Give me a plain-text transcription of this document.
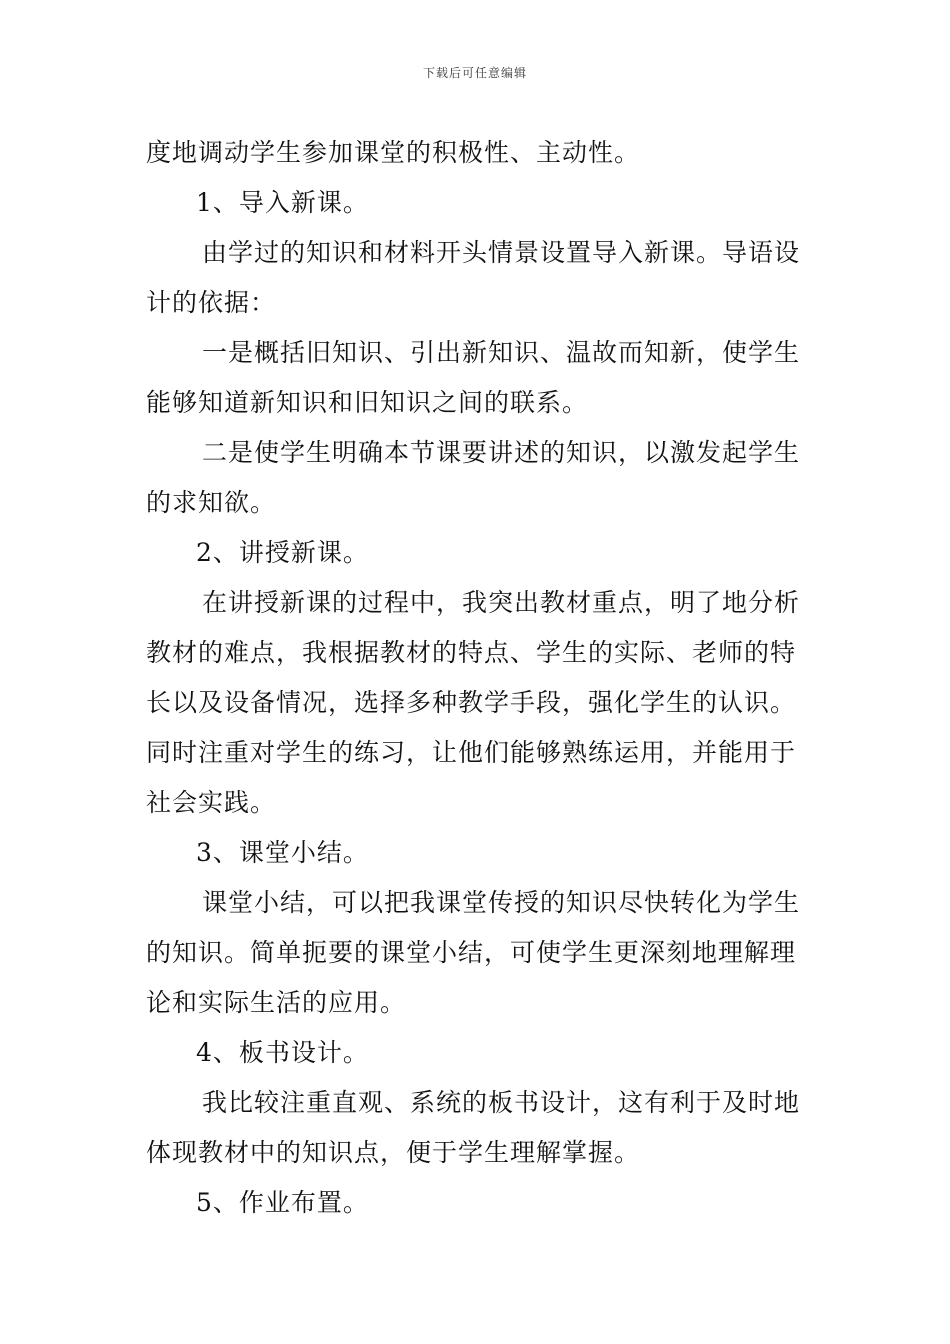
下载后可任意编辑
度地调动学生参加课堂的积极性、主动性。
1、导入新课。
由学过的知识和材料开头情景设置导入新课。导语设
计的依据：
一是概括旧知识、引出新知识、温故而知新，使学生
能够知道新知识和旧知识之间的联系。
二是使学生明确本节课要讲述的知识，以激发起学生
的求知欲。
2、讲授新课。
在讲授新课的过程中，我突出教材重点，明了地分析
教材的难点，我根据教材的特点、学生的实际、老师的特
长以及设备情况，选择多种教学手段，强化学生的认识。
同时注重对学生的练习，让他们能够熟练运用，并能用于
社会实践。
3、课堂小结。
课堂小结，可以把我课堂传授的知识尽快转化为学生
的知识。简单扼要的课堂小结，可使学生更深刻地理解理
论和实际生活的应用。
4、板书设计。
我比较注重直观、系统的板书设计，这有利于及时地
体现教材中的知识点，便于学生理解掌握。
5、作业布置。
